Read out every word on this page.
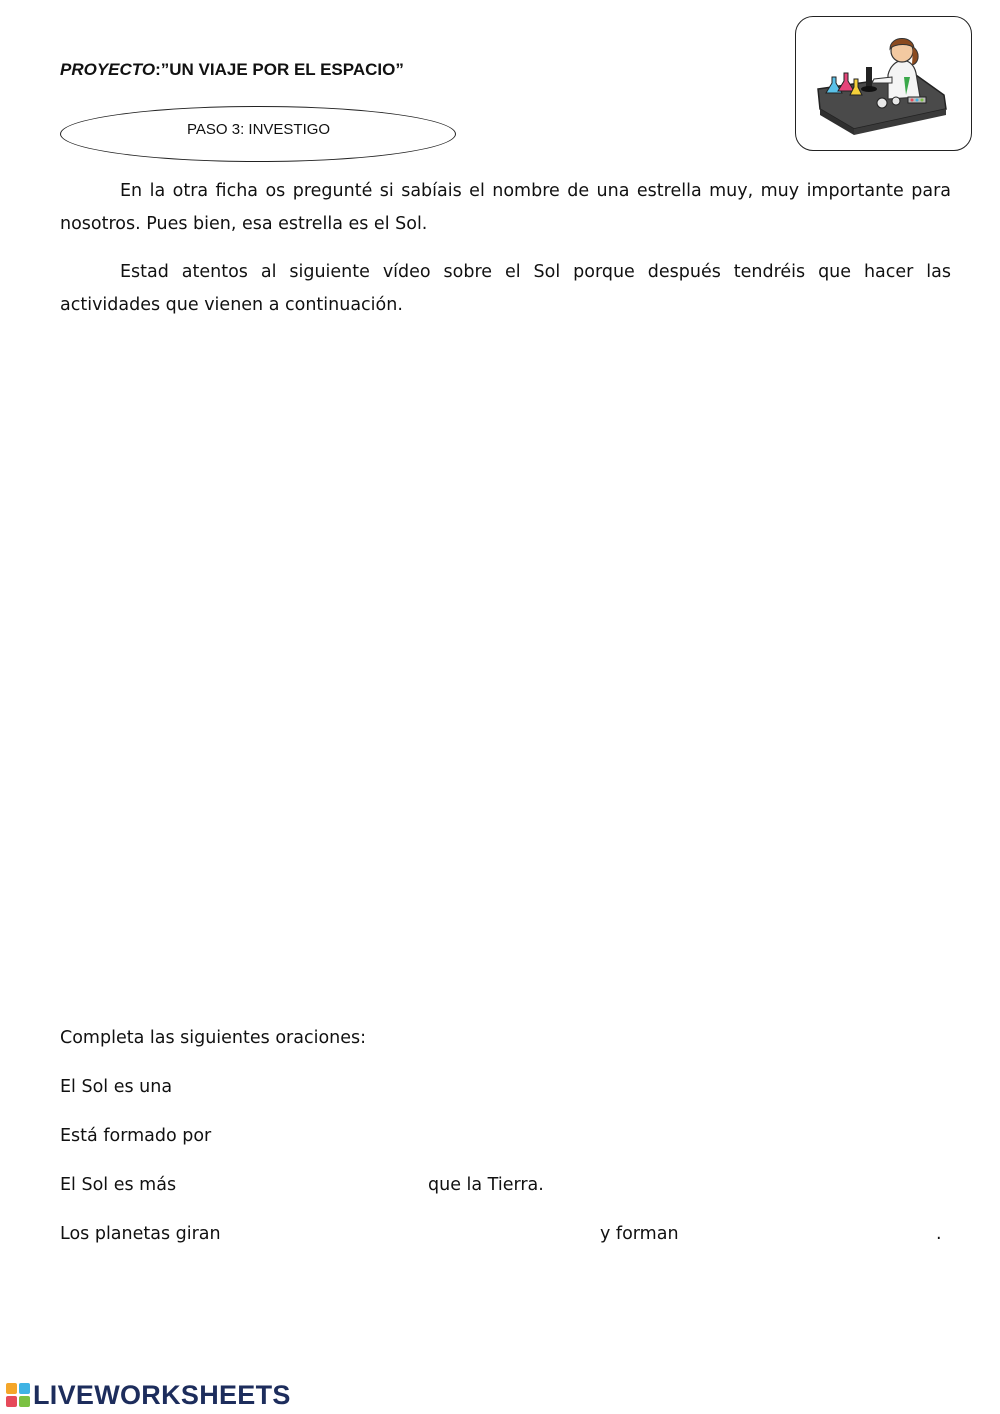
PROYECTO:”UN VIAJE POR EL ESPACIO”
PASO 3: INVESTIGO
En la otra ficha os pregunté si sabíais el nombre de una estrella muy, muy importante para nosotros. Pues bien, esa estrella es el Sol.
Estad atentos al siguiente vídeo sobre el Sol porque después tendréis que hacer las actividades que vienen a continuación.
Completa las siguientes oraciones:
El Sol es una
Está formado por
El Sol es más	que la Tierra.
Los planetas giran	y forman	.
LIVEWORKSHEETS
